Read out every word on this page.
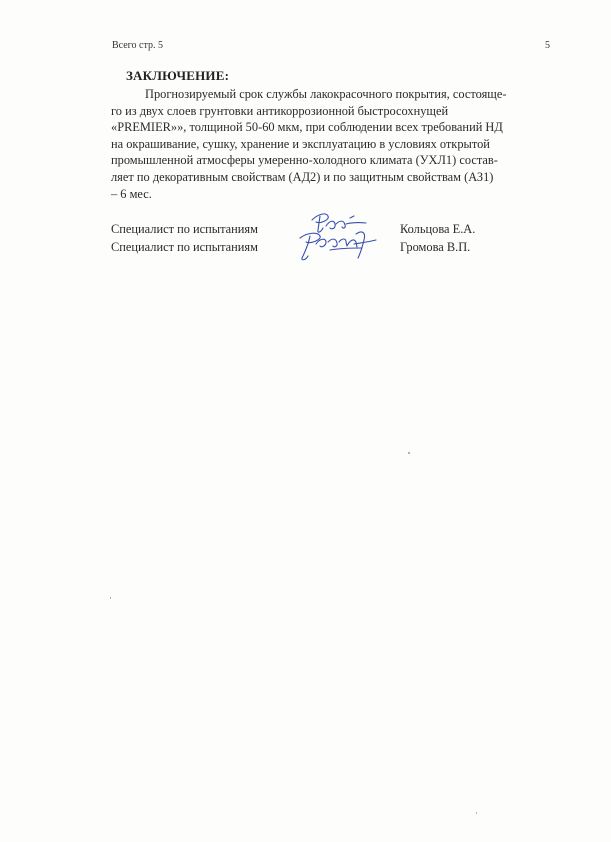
Всего стр. 5	5
ЗАКЛЮЧЕНИЕ:
Прогнозируемый срок службы лакокрасочного покрытия, состояще-
го из двух слоев грунтовки антикоррозионной быстросохнущей
«PREMIER»», толщиной 50-60 мкм, при соблюдении всех требований НД
на окрашивание, сушку, хранение и эксплуатацию в условиях открытой
промышленной атмосферы умеренно-холодного климата (УХЛ1) состав-
ляет по декоративным свойствам (АД2) и по защитным свойствам (АЗ1)
– 6 мес.
Специалист по испытаниям	Кольцова Е.А.
Специалист по испытаниям	Громова В.П.
